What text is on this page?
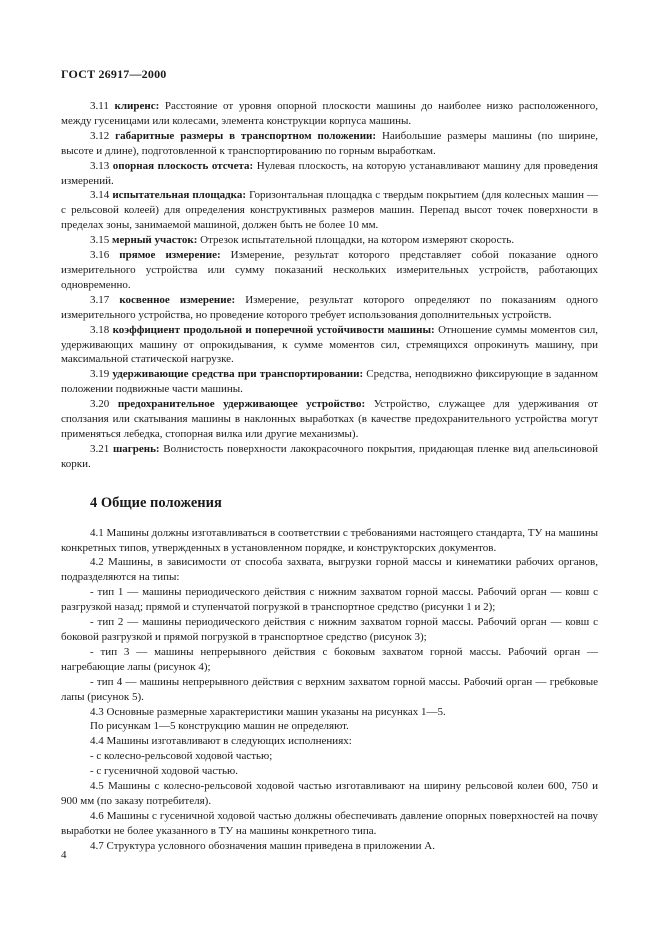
ГОСТ 26917—2000

3.11 клиренс: Расстояние от уровня опорной плоскости машины до наиболее низко расположенного, между гусеницами или колесами, элемента конструкции корпуса машины.

3.12 габаритные размеры в транспортном положении: Наибольшие размеры машины (по ширине, высоте и длине), подготовленной к транспортированию по горным выработкам.

3.13 опорная плоскость отсчета: Нулевая плоскость, на которую устанавливают машину для проведения измерений.

3.14 испытательная площадка: Горизонтальная площадка с твердым покрытием (для колесных машин — с рельсовой колеей) для определения конструктивных размеров машин. Перепад высот точек поверхности в пределах зоны, занимаемой машиной, должен быть не более 10 мм.

3.15 мерный участок: Отрезок испытательной площадки, на котором измеряют скорость.

3.16 прямое измерение: Измерение, результат которого представляет собой показание одного измерительного устройства или сумму показаний нескольких измерительных устройств, работающих одновременно.

3.17 косвенное измерение: Измерение, результат которого определяют по показаниям одного измерительного устройства, но проведение которого требует использования дополнительных устройств.

3.18 коэффициент продольной и поперечной устойчивости машины: Отношение суммы моментов сил, удерживающих машину от опрокидывания, к сумме моментов сил, стремящихся опрокинуть машину, при максимальной статической нагрузке.

3.19 удерживающие средства при транспортировании: Средства, неподвижно фиксирующие в заданном положении подвижные части машины.

3.20 предохранительное удерживающее устройство: Устройство, служащее для удерживания от сползания или скатывания машины в наклонных выработках (в качестве предохранительного устройства могут применяться лебедка, стопорная вилка или другие механизмы).

3.21 шагрень: Волнистость поверхности лакокрасочного покрытия, придающая пленке вид апельсиновой корки.

4 Общие положения

4.1 Машины должны изготавливаться в соответствии с требованиями настоящего стандарта, ТУ на машины конкретных типов, утвержденных в установленном порядке, и конструкторских документов.

4.2 Машины, в зависимости от способа захвата, выгрузки горной массы и кинематики рабочих органов, подразделяются на типы:

- тип 1 — машины периодического действия с нижним захватом горной массы. Рабочий орган — ковш с разгрузкой назад; прямой и ступенчатой погрузкой в транспортное средство (рисунки 1 и 2);

- тип 2 — машины периодического действия с нижним захватом горной массы. Рабочий орган — ковш с боковой разгрузкой и прямой погрузкой в транспортное средство (рисунок 3);

- тип 3 — машины непрерывного действия с боковым захватом горной массы. Рабочий орган — нагребающие лапы (рисунок 4);

- тип 4 — машины непрерывного действия с верхним захватом горной массы. Рабочий орган — гребковые лапы (рисунок 5).

4.3 Основные размерные характеристики машин указаны на рисунках 1—5.

По рисункам 1—5 конструкцию машин не определяют.

4.4 Машины изготавливают в следующих исполнениях:

- с колесно-рельсовой ходовой частью;

- с гусеничной ходовой частью.

4.5 Машины с колесно-рельсовой ходовой частью изготавливают на ширину рельсовой колеи 600, 750 и 900 мм (по заказу потребителя).

4.6 Машины с гусеничной ходовой частью должны обеспечивать давление опорных поверхностей на почву выработки не более указанного в ТУ на машины конкретного типа.

4.7 Структура условного обозначения машин приведена в приложении А.

4
